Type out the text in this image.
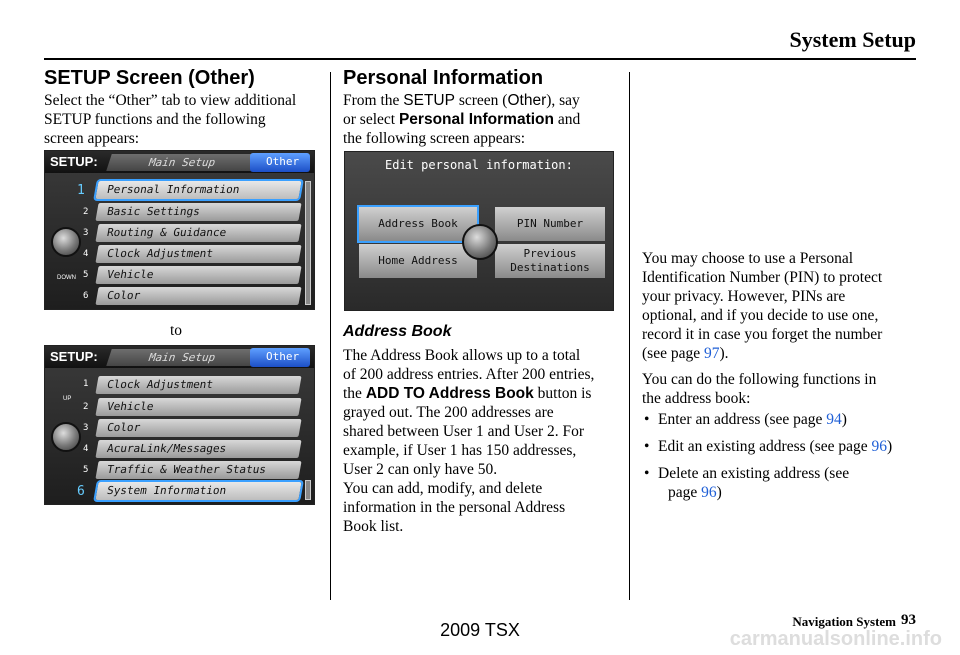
System Setup
SETUP Screen (Other)
Select the “Other” tab to view additional
SETUP functions and the following
screen appears:
SETUP:	Main Setup	Other
1
2
3
4
5
6
Personal Information
Basic Settings
Routing & Guidance
Clock Adjustment
Vehicle
Color
DOWN
to
SETUP:	Main Setup	Other
1
2
3
4
5
6
Clock Adjustment
Vehicle
Color
AcuraLink/Messages
Traffic & Weather Status
System Information
UP
Personal Information
From the SETUP screen (Other), say
or select Personal Information and
the following screen appears:
Edit personal information:
Address Book	PIN Number
Home Address
Previous
Destinations
Address Book
The Address Book allows up to a total
of 200 address entries. After 200 entries,
the ADD TO Address Book button is
grayed out. The 200 addresses are
shared between User 1 and User 2. For
example, if User 1 has 150 addresses,
User 2 can only have 50.
You can add, modify, and delete
information in the personal Address
Book list.
You may choose to use a Personal
Identification Number (PIN) to protect
your privacy. However, PINs are
optional, and if you decide to use one,
record it in case you forget the number
(see page 97).
You can do the following functions in
the address book:
• Enter an address (see page 94)
• Edit an existing address (see page 96)
• Delete an existing address (see
page 96)
Navigation System 93
2009 TSX	carmanualsonline.info
